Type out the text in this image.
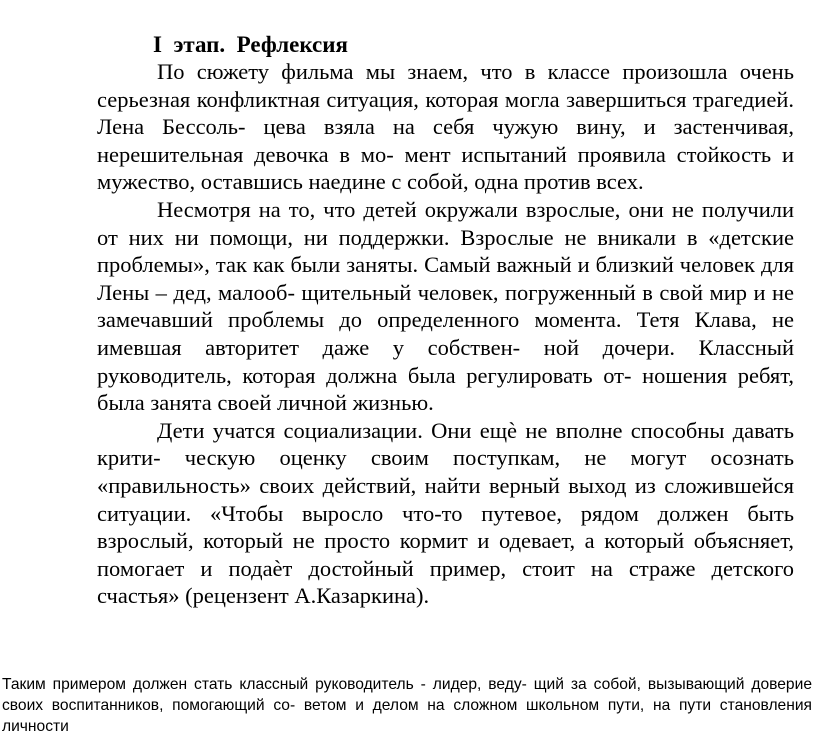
I  этап.  Рефлексия

По сюжету фильма мы знаем, что в классе произошла очень серьезная конфликтная ситуация, которая могла завершиться трагедией. Лена Бессоль- цева взяла на себя чужую вину, и застенчивая, нерешительная девочка в мо- мент испытаний проявила стойкость и мужество, оставшись наедине с собой, одна против всех.

Несмотря на то, что детей окружали взрослые, они не получили от них ни помощи, ни поддержки. Взрослые не вникали в «детские проблемы», так как были заняты. Самый важный и близкий человек для Лены – дед, малооб- щительный человек, погруженный в свой мир и не замечавший проблемы до определенного момента. Тетя Клава, не имевшая авторитет даже у собствен- ной дочери. Классный руководитель, которая должна была регулировать от- ношения ребят, была занята своей личной жизнью.

Дети учатся социализации. Они ещѐ не вполне способны давать крити- ческую оценку своим поступкам, не могут осознать «правильность» своих действий, найти верный выход из сложившейся ситуации. «Чтобы выросло что-то путевое, рядом должен быть взрослый, который не просто кормит и одевает, а который объясняет, помогает и подаѐт достойный пример, стоит на страже детского счастья» (рецензент А.Казаркина).

Таким примером должен стать классный руководитель - лидер, веду- щий за собой, вызывающий доверие своих воспитанников, помогающий со- ветом и делом на сложном школьном пути, на пути становления личности
